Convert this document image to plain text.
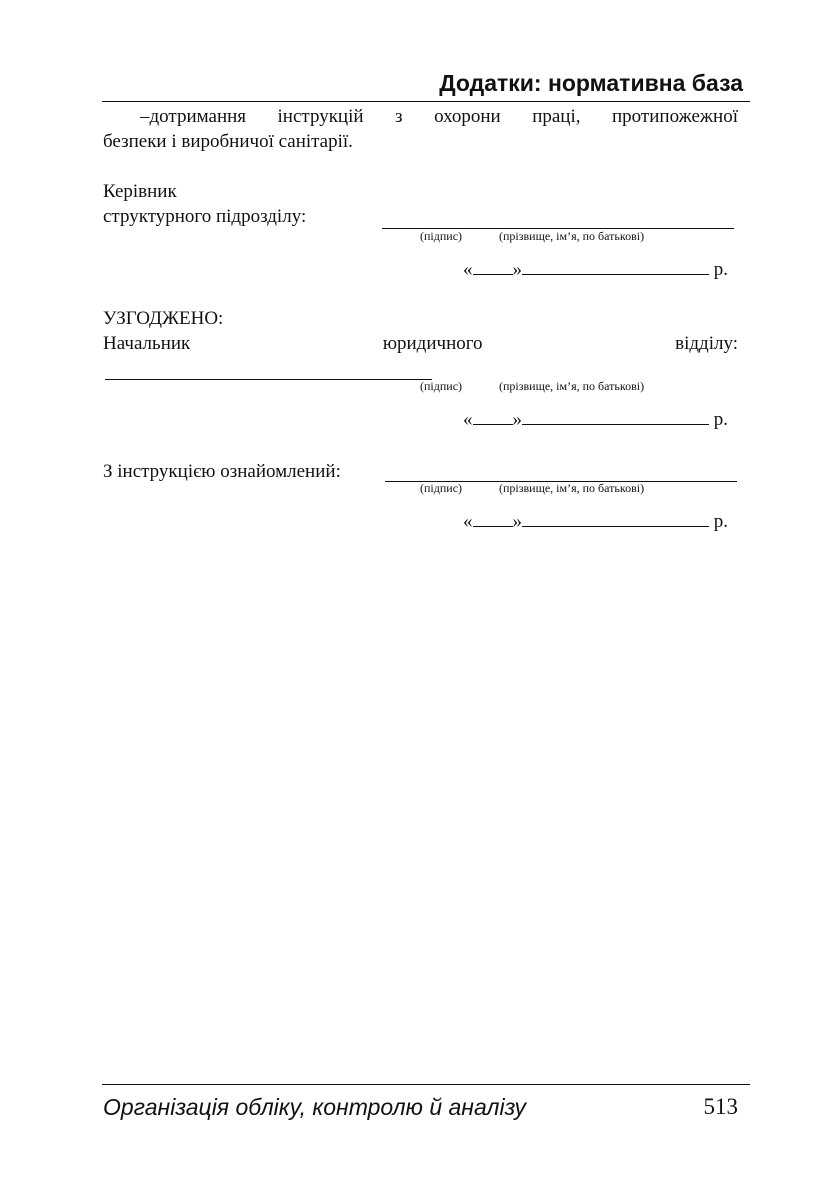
Додатки: нормативна база
–дотримання інструкцій з охорони праці, протипожежної
безпеки і виробничої санітарії.
Керівник
структурного підрозділу:
(підпис)	(прізвище, ім’я, по батькові)
« »	р.
УЗГОДЖЕНО:
Начальник	юридичного	відділу:
(підпис)	(прізвище, ім’я, по батькові)
« »	р.
З інструкцією ознайомлений:
(підпис)	(прізвище, ім’я, по батькові)
« »	р.
Організація обліку, контролю й аналізу	513
